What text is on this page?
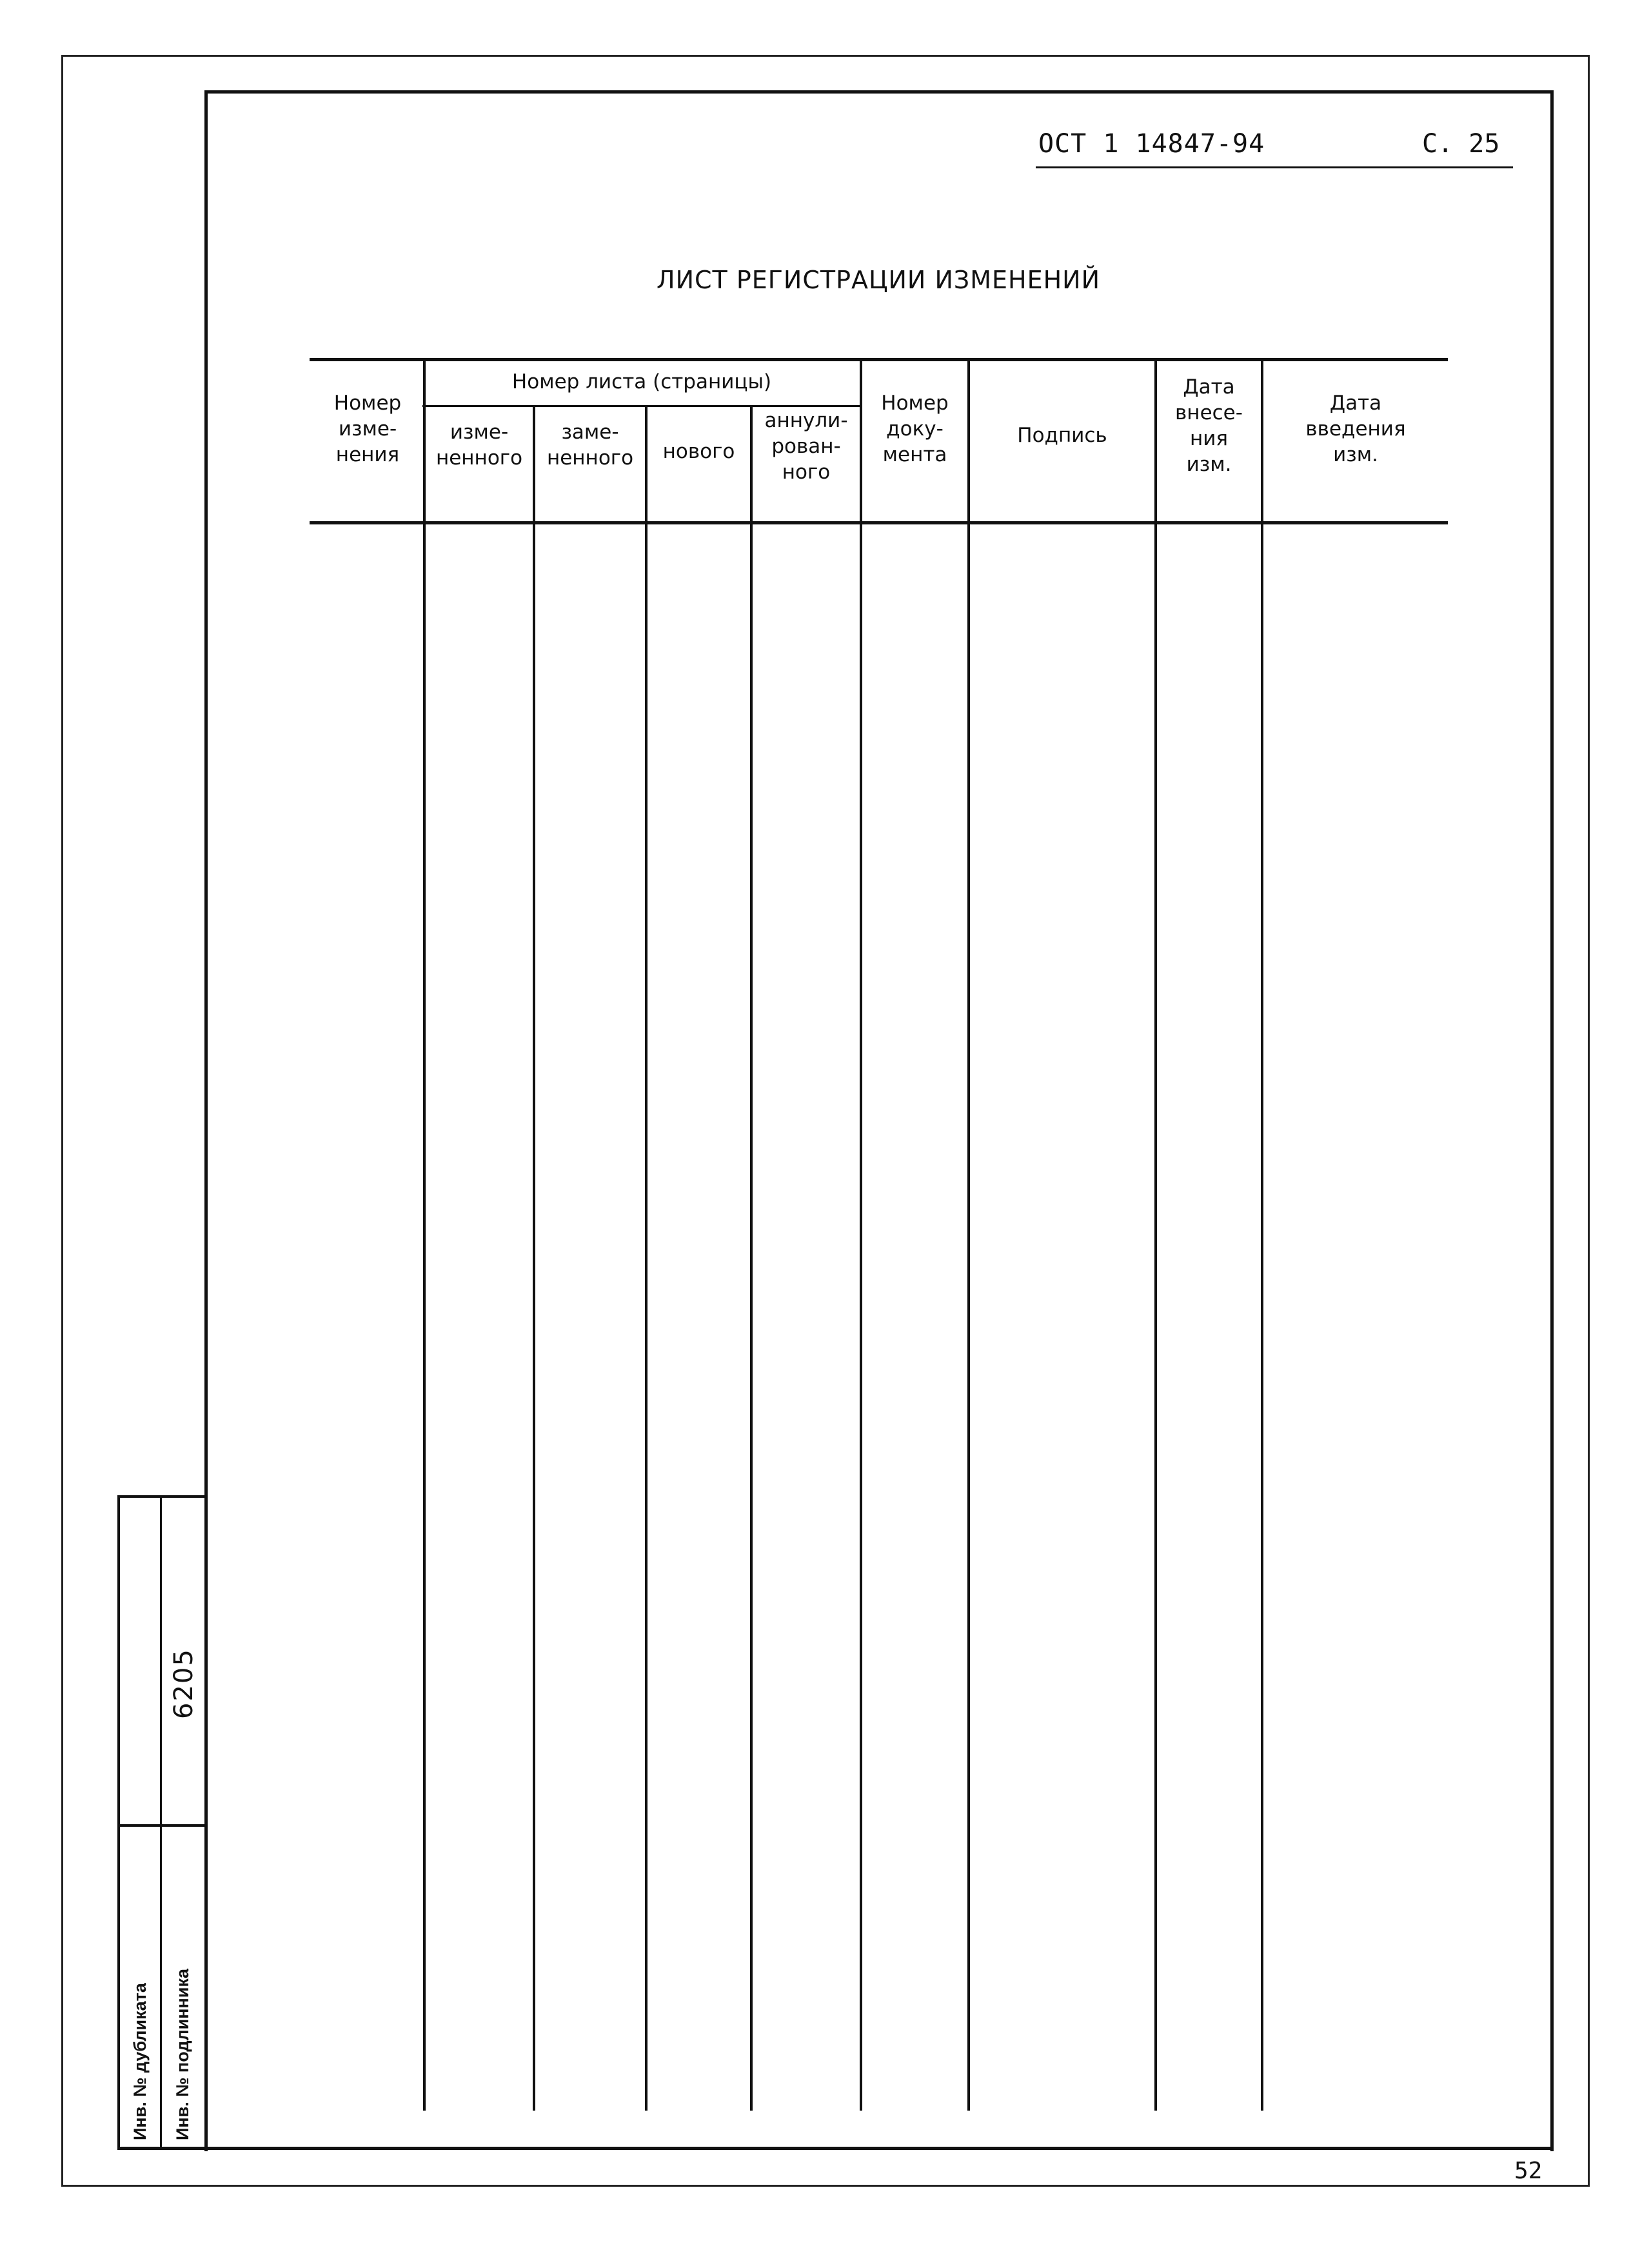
ОСТ 1 14847-94	С. 25
ЛИСТ РЕГИСТРАЦИИ ИЗМЕНЕНИЙ
Номер
изме-
нения
Номер листа (страницы)
изме-
ненного
заме-
ненного	нового
аннули-
рован-
ного
Номер
доку-
мента
Подпись
Дата
внесе-
ния
изм.
Дата
введения
изм.
Инв. № дубликата Инв. № подлинника
6205
52
